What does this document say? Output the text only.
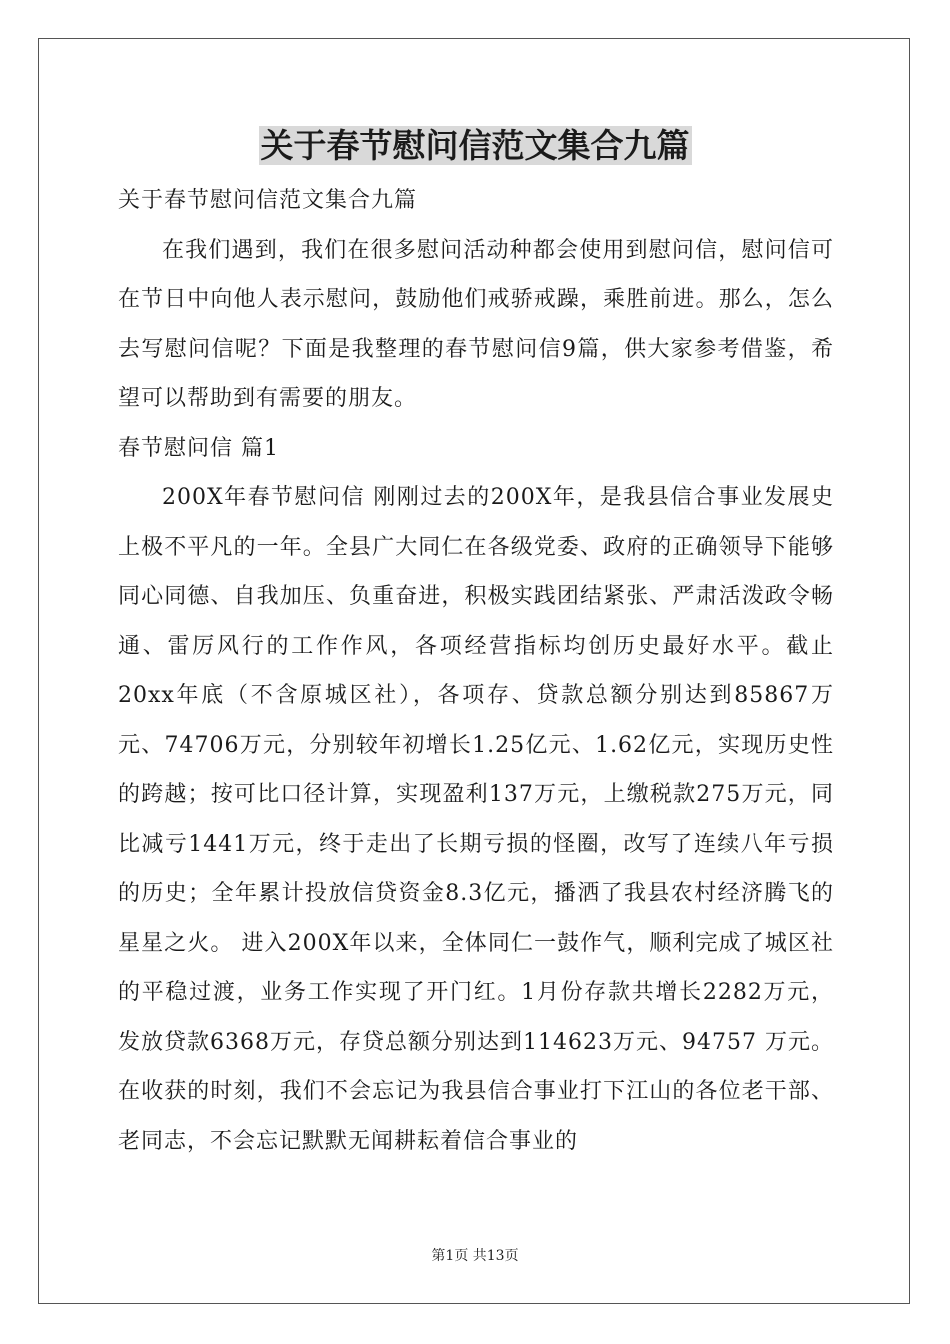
关于春节慰问信范文集合九篇

关于春节慰问信范文集合九篇

在我们遇到，我们在很多慰问活动种都会使用到慰问信，慰问信可在节日中向他人表示慰问，鼓励他们戒骄戒躁，乘胜前进。那么，怎么去写慰问信呢？下面是我整理的春节慰问信9篇，供大家参考借鉴，希望可以帮助到有需要的朋友。

春节慰问信 篇1

200X年春节慰问信 刚刚过去的200X年，是我县信合事业发展史上极不平凡的一年。全县广大同仁在各级党委、政府的正确领导下能够同心同德、自我加压、负重奋进，积极实践团结紧张、严肃活泼政令畅通、雷厉风行的工作作风，各项经营指标均创历史最好水平。截止20xx年底（不含原城区社），各项存、贷款总额分别达到85867万元、74706万元，分别较年初增长1.25亿元、1.62亿元，实现历史性的跨越；按可比口径计算，实现盈利137万元，上缴税款275万元，同比减亏1441万元，终于走出了长期亏损的怪圈，改写了连续八年亏损的历史；全年累计投放信贷资金8.3亿元，播洒了我县农村经济腾飞的星星之火。 进入200X年以来，全体同仁一鼓作气，顺利完成了城区社的平稳过渡，业务工作实现了开门红。1月份存款共增长2282万元，发放贷款6368万元，存贷总额分别达到114623万元、94757 万元。在收获的时刻，我们不会忘记为我县信合事业打下江山的各位老干部、老同志，不会忘记默默无闻耕耘着信合事业的

第1页 共13页
